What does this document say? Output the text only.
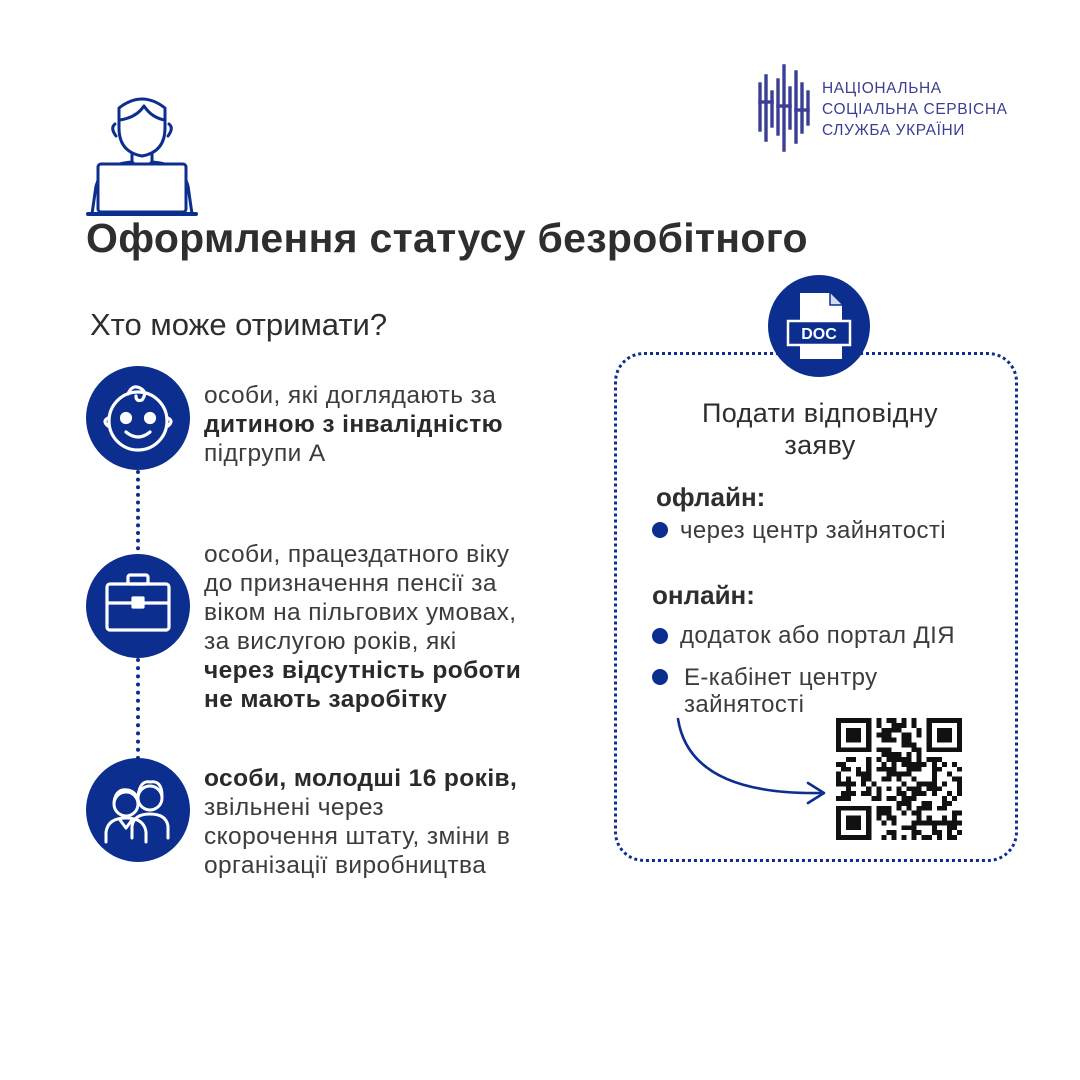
НАЦІОНАЛЬНА
СОЦІАЛЬНА СЕРВІСНА
СЛУЖБА УКРАЇНИ
Оформлення статусу безробітного
Хто може отримати?
особи, які доглядають за
дитиною з інвалідністю
підгрупи А
особи, працездатного віку
до призначення пенсії за
віком на пільгових умовах,
за вислугою років, які
через відсутність роботи
не мають заробітку
особи, молодші 16 років,
звільнені через
скорочення штату, зміни в
організації виробництва
DOC
Подати відповідну
заяву
офлайн:
через центр зайнятості
онлайн:
додаток або портал ДІЯ
Е-кабінет центру
зайнятості
